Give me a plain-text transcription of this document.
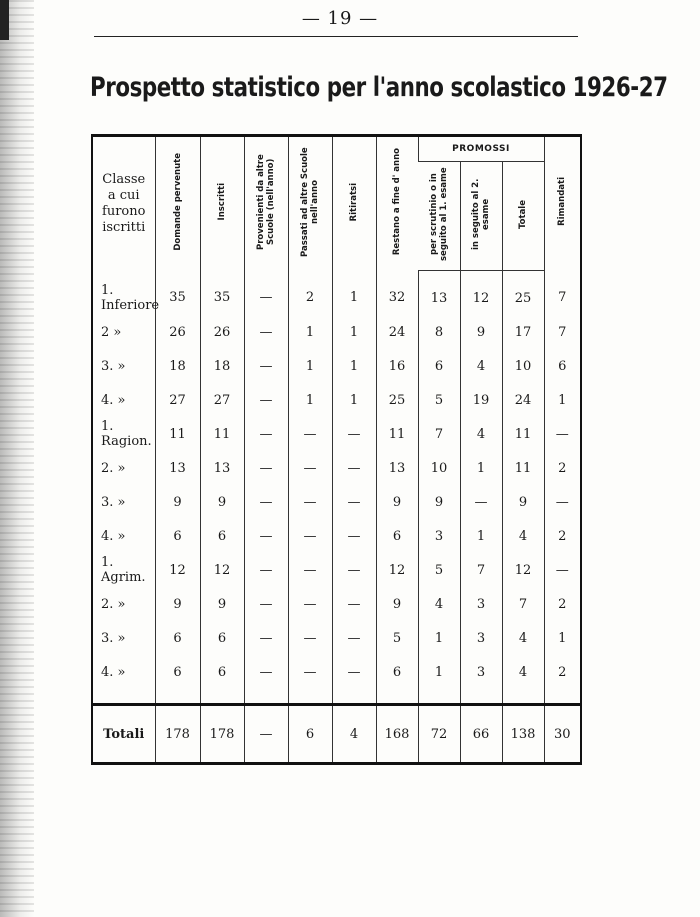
— 19 —
Prospetto statistico per l'anno scolastico 1926-27
Classe
a cui
furono
iscritti	Domande pervenute	Inscritti	Provenienti da altre Scuole (nell'anno)	Passati ad altre Scuole nell'anno	Ritiratsi	Restano a fine d' anno	PROMOSSI			Rimandati
							per scrutinio o in seguito al 1. esame	in seguito al 2. esame	Totale	
1. Inferiore	35	35	—	2	1	32	13	12	25	7
2 »	26	26	—	1	1	24	8	9	17	7
3. »	18	18	—	1	1	16	6	4	10	6
4. »	27	27	—	1	1	25	5	19	24	1
1. Ragion.	11	11	—	—	—	11	7	4	11	—
2. »	13	13	—	—	—	13	10	1	11	2
3. »	9	9	—	—	—	9	9	—	9	—
4. »	6	6	—	—	—	6	3	1	4	2
1. Agrim.	12	12	—	—	—	12	5	7	12	—
2. »	9	9	—	—	—	9	4	3	7	2
3. »	6	6	—	—	—	5	1	3	4	1
4. »	6	6	—	—	—	6	1	3	4	2

Totali	178	178	—	6	4	168	72	66	138	30
